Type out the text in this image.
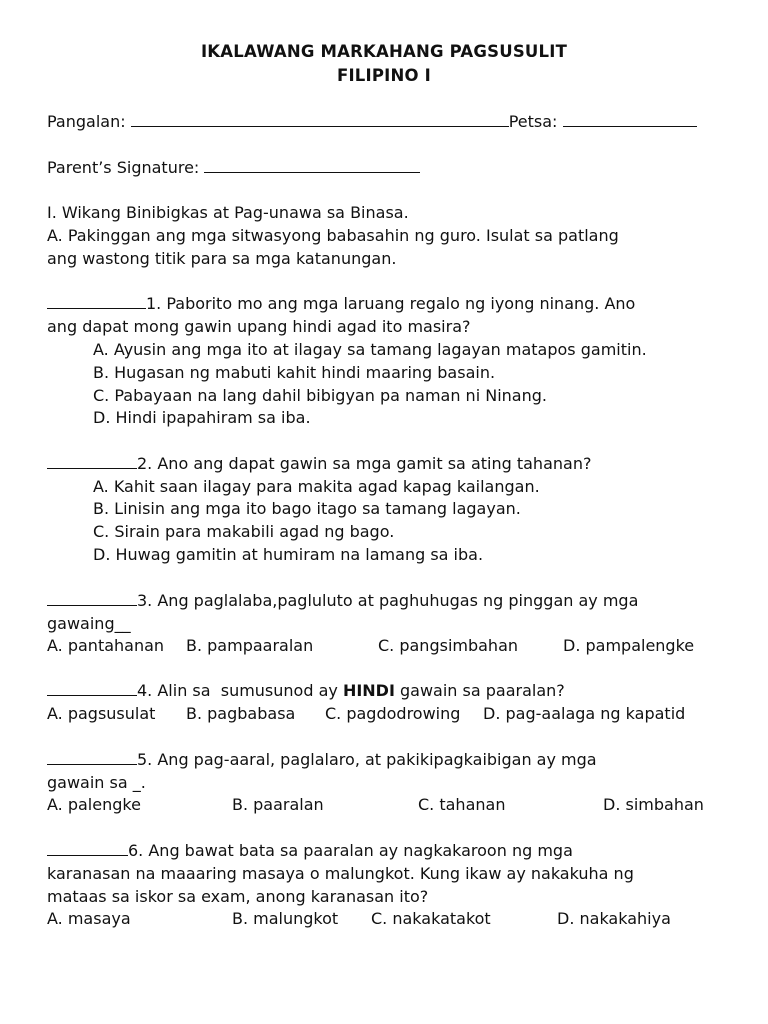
IKALAWANG MARKAHANG PAGSUSULIT
FILIPINO I
Pangalan:	Petsa:
Parent’s Signature:
I. Wikang Binibigkas at Pag-unawa sa Binasa.
A. Pakinggan ang mga sitwasyong babasahin ng guro. Isulat sa patlang
ang wastong titik para sa mga katanungan.
1. Paborito mo ang mga laruang regalo ng iyong ninang. Ano
ang dapat mong gawin upang hindi agad ito masira?
A. Ayusin ang mga ito at ilagay sa tamang lagayan matapos gamitin.
B. Hugasan ng mabuti kahit hindi maaring basain.
C. Pabayaan na lang dahil bibigyan pa naman ni Ninang.
D. Hindi ipapahiram sa iba.
2. Ano ang dapat gawin sa mga gamit sa ating tahanan?
A. Kahit saan ilagay para makita agad kapag kailangan.
B. Linisin ang mga ito bago itago sa tamang lagayan.
C. Sirain para makabili agad ng bago.
D. Huwag gamitin at humiram na lamang sa iba.
3. Ang paglalaba,pagluluto at paghuhugas ng pinggan ay mga
gawaing__
A. pantahanan B. pampaaralan	C. pangsimbahan	D. pampalengke
4. Alin sa  sumusunod ay HINDI gawain sa paaralan?
A. pagsusulat B. pagbabasa C. pagdodrowing D. pag-aalaga ng kapatid
5. Ang pag-aaral, paglalaro, at pakikipagkaibigan ay mga
gawain sa _.
A. palengke	B. paaralan	C. tahanan	D. simbahan
6. Ang bawat bata sa paaralan ay nagkakaroon ng mga
karanasan na maaaring masaya o malungkot. Kung ikaw ay nakakuha ng
mataas sa iskor sa exam, anong karanasan ito?
A. masaya	B. malungkot C. nakakatakot	D. nakakahiya
